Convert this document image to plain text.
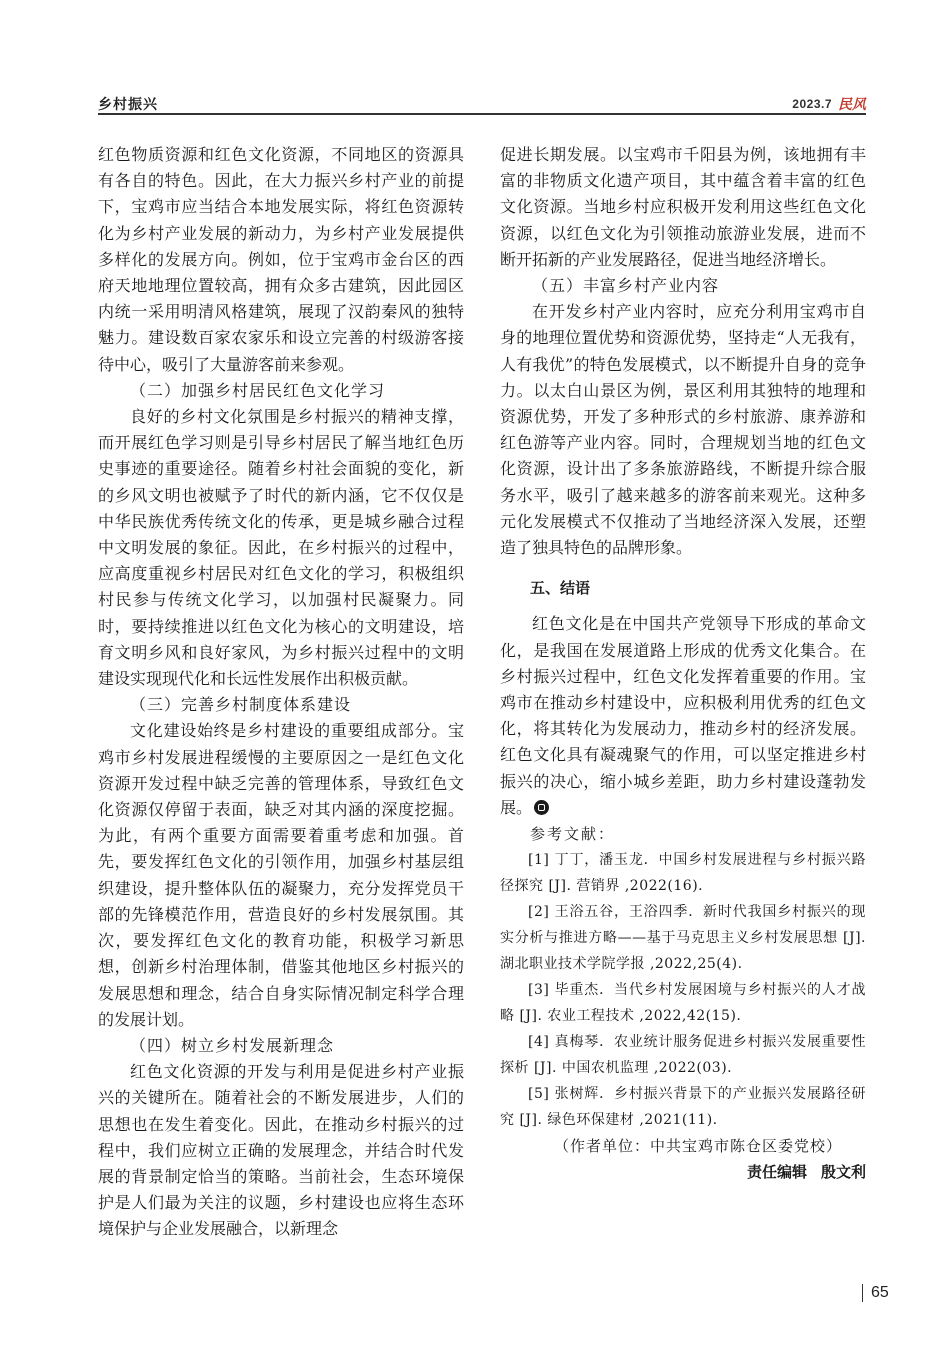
乡村振兴	2023.7 民风

红色物质资源和红色文化资源，不同地区的资源具有各自的特色。因此，在大力振兴乡村产业的前提下，宝鸡市应当结合本地发展实际，将红色资源转化为乡村产业发展的新动力，为乡村产业发展提供多样化的发展方向。例如，位于宝鸡市金台区的西府天地地理位置较高，拥有众多古建筑，因此园区内统一采用明清风格建筑，展现了汉韵秦风的独特魅力。建设数百家农家乐和设立完善的村级游客接待中心，吸引了大量游客前来参观。

（二）加强乡村居民红色文化学习

良好的乡村文化氛围是乡村振兴的精神支撑，而开展红色学习则是引导乡村居民了解当地红色历史事迹的重要途径。随着乡村社会面貌的变化，新的乡风文明也被赋予了时代的新内涵，它不仅仅是中华民族优秀传统文化的传承，更是城乡融合过程中文明发展的象征。因此，在乡村振兴的过程中，应高度重视乡村居民对红色文化的学习，积极组织村民参与传统文化学习，以加强村民凝聚力。同时，要持续推进以红色文化为核心的文明建设，培育文明乡风和良好家风，为乡村振兴过程中的文明建设实现现代化和长远性发展作出积极贡献。

（三）完善乡村制度体系建设

文化建设始终是乡村建设的重要组成部分。宝鸡市乡村发展进程缓慢的主要原因之一是红色文化资源开发过程中缺乏完善的管理体系，导致红色文化资源仅停留于表面，缺乏对其内涵的深度挖掘。为此，有两个重要方面需要着重考虑和加强。首先，要发挥红色文化的引领作用，加强乡村基层组织建设，提升整体队伍的凝聚力，充分发挥党员干部的先锋模范作用，营造良好的乡村发展氛围。其次，要发挥红色文化的教育功能，积极学习新思想，创新乡村治理体制，借鉴其他地区乡村振兴的发展思想和理念，结合自身实际情况制定科学合理的发展计划。

（四）树立乡村发展新理念

红色文化资源的开发与利用是促进乡村产业振兴的关键所在。随着社会的不断发展进步，人们的思想也在发生着变化。因此，在推动乡村振兴的过程中，我们应树立正确的发展理念，并结合时代发展的背景制定恰当的策略。当前社会，生态环境保护是人们最为关注的议题，乡村建设也应将生态环境保护与企业发展融合，以新理念

促进长期发展。以宝鸡市千阳县为例，该地拥有丰富的非物质文化遗产项目，其中蕴含着丰富的红色文化资源。当地乡村应积极开发利用这些红色文化资源，以红色文化为引领推动旅游业发展，进而不断开拓新的产业发展路径，促进当地经济增长。

（五）丰富乡村产业内容

在开发乡村产业内容时，应充分利用宝鸡市自身的地理位置优势和资源优势，坚持走“人无我有，人有我优”的特色发展模式，以不断提升自身的竞争力。以太白山景区为例，景区利用其独特的地理和资源优势，开发了多种形式的乡村旅游、康养游和红色游等产业内容。同时，合理规划当地的红色文化资源，设计出了多条旅游路线，不断提升综合服务水平，吸引了越来越多的游客前来观光。这种多元化发展模式不仅推动了当地经济深入发展，还塑造了独具特色的品牌形象。

五、结语

红色文化是在中国共产党领导下形成的革命文化，是我国在发展道路上形成的优秀文化集合。在乡村振兴过程中，红色文化发挥着重要的作用。宝鸡市在推动乡村建设中，应积极利用优秀的红色文化，将其转化为发展动力，推动乡村的经济发展。红色文化具有凝魂聚气的作用，可以坚定推进乡村振兴的决心，缩小城乡差距，助力乡村建设蓬勃发展。

参考文献：

[1] 丁丁，潘玉龙．中国乡村发展进程与乡村振兴路径探究 [J]. 营销界 ,2022(16).

[2] 王浴五谷，王浴四季．新时代我国乡村振兴的现实分析与推进方略——基于马克思主义乡村发展思想 [J]. 湖北职业技术学院学报 ,2022,25(4).

[3] 毕重杰．当代乡村发展困境与乡村振兴的人才战略 [J]. 农业工程技术 ,2022,42(15).

[4] 真梅琴．农业统计服务促进乡村振兴发展重要性探析 [J]. 中国农机监理 ,2022(03).

[5] 张树辉．乡村振兴背景下的产业振兴发展路径研究 [J]. 绿色环保建材 ,2021(11).

（作者单位：中共宝鸡市陈仓区委党校）

责任编辑 殷文利

65
